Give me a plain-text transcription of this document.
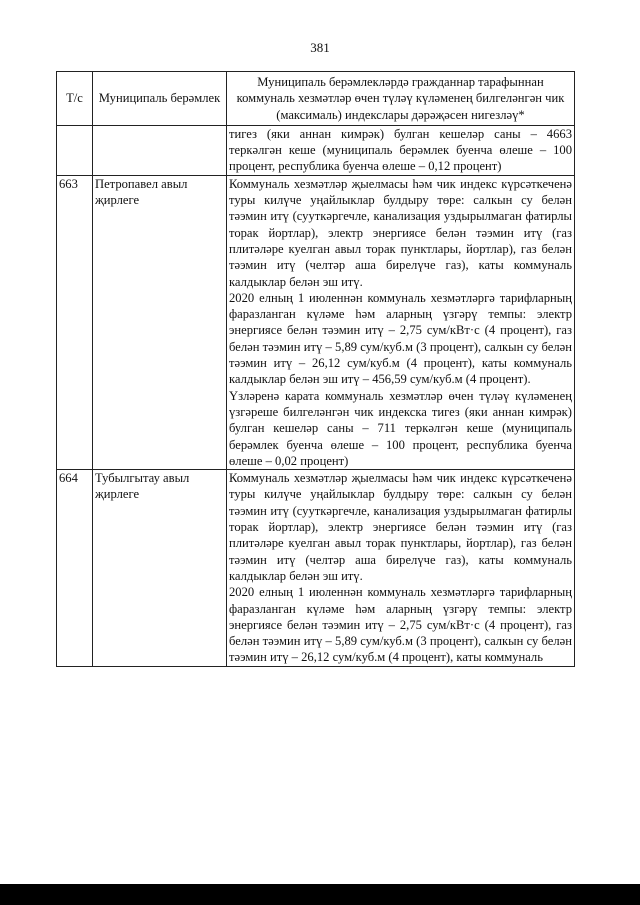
381
Т/с	Муниципаль берәмлек	Муниципаль берәмлекләрдә гражданнар тарафыннан коммуналь хезмәтләр өчен түләү күләменең билгеләнгән чик (максималь) индекслары дәрәҗәсен нигезләү*

		тигез (яки аннан кимрәк) булган кешеләр саны – 4663 теркәлгән кеше (муниципаль берәмлек буенча өлеше – 100 процент, республика буенча өлеше – 0,12 процент)

663	Петропавел авыл җирлеге	Коммуналь хезмәтләр җыелмасы һәм чик индекс күрсәткеченә туры килүче уңайлыклар булдыру төре: салкын су белән тәэмин итү (сууткәргечле, канализация уздырылмаган фатирлы торак йортлар), электр энергиясе белән тәэмин итү (газ плитәләре куелган авыл торак пунктлары, йортлар), газ белән тәэмин итү (челтәр аша бирелүче газ), каты коммуналь калдыклар белән эш итү.

2020 елның 1 июленнән коммуналь хезмәтләргә тарифларның фаразланган күләме һәм аларның үзгәрү темпы: электр энергиясе белән тәэмин итү – 2,75 сум/кВт·с (4 процент), газ белән тәэмин итү – 5,89 сум/куб.м (3 процент), салкын су белән тәэмин итү – 26,12 сум/куб.м (4 процент), каты коммуналь калдыклар белән эш итү – 456,59 сум/куб.м (4 процент).

Үзләренә карата коммуналь хезмәтләр өчен түләү күләменең үзгәреше билгеләнгән чик индекска тигез (яки аннан кимрәк) булган кешеләр саны – 711 теркәлгән кеше (муниципаль берәмлек буенча өлеше – 100 процент, республика буенча өлеше – 0,02 процент)

664	Тубылгытау авыл җирлеге	Коммуналь хезмәтләр җыелмасы һәм чик индекс күрсәткеченә туры килүче уңайлыклар булдыру төре: салкын су белән тәэмин итү (сууткәргечле, канализация уздырылмаган фатирлы торак йортлар), электр энергиясе белән тәэмин итү (газ плитәләре куелган авыл торак пунктлары, йортлар), газ белән тәэмин итү (челтәр аша бирелүче газ), каты коммуналь калдыклар белән эш итү.

2020 елның 1 июленнән коммуналь хезмәтләргә тарифларның фаразланган күләме һәм аларның үзгәрү темпы: электр энергиясе белән тәэмин итү – 2,75 сум/кВт·с (4 процент), газ белән тәэмин итү – 5,89 сум/куб.м (3 процент), салкын су белән тәэмин итү – 26,12 сум/куб.м (4 процент), каты коммуналь
